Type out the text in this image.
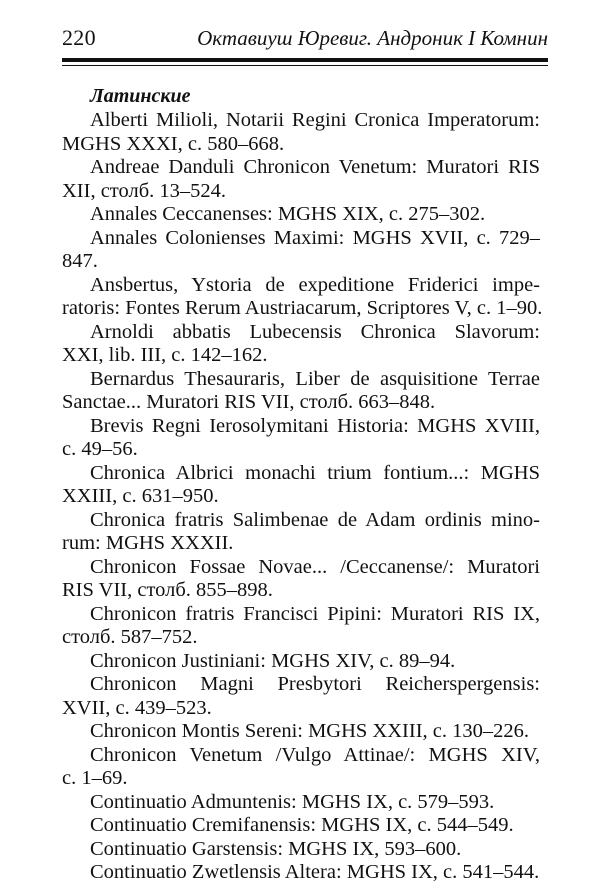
220	Октавиуш Юревиг. Андроник I Комнин
Латинские
Alberti Milioli, Notarii Regini Cronica Imperatorum:
MGHS XXXI, c. 580–668.
Andreae Danduli Chronicon Venetum: Muratori RIS
XII, столб. 13–524.
Annales Ceccanenses: MGHS XIX, c. 275–302.
Annales Colonienses Maximi: MGHS XVII, c. 729–
847.
Ansbertus, Ystoria de expeditione Friderici impe-
ratoris: Fontes Rerum Austriacarum, Scriptores V, c. 1–90.
Arnoldi abbatis Lubecensis Chronica Slavorum:
XXI, lib. III, c. 142–162.
Bernardus Thesauraris, Liber de asquisitione Terrae
Sanctae... Muratori RIS VII, столб. 663–848.
Brevis Regni Ierosolymitani Historia: MGHS XVIII,
c. 49–56.
Chronica Albrici monachi trium fontium...: MGHS
XXIII, c. 631–950.
Chronica fratris Salimbenae de Adam ordinis mino-
rum: MGHS XXXII.
Chronicon Fossae Novae... /Ceccanense/: Muratori
RIS VII, столб. 855–898.
Chronicon fratris Francisci Pipini: Muratori RIS IX,
столб. 587–752.
Chronicon Justiniani: MGHS XIV, c. 89–94.
Chronicon Magni Presbytori Reicherspergensis:
XVII, c. 439–523.
Chronicon Montis Sereni: MGHS XXIII, c. 130–226.
Chronicon Venetum /Vulgo Attinae/: MGHS XIV,
c. 1–69.
Continuatio Admuntenis: MGHS IX, c. 579–593.
Continuatio Cremifanensis: MGHS IX, c. 544–549.
Continuatio Garstensis: MGHS IX, 593–600.
Continuatio Zwetlensis Altera: MGHS IX, c. 541–544.
